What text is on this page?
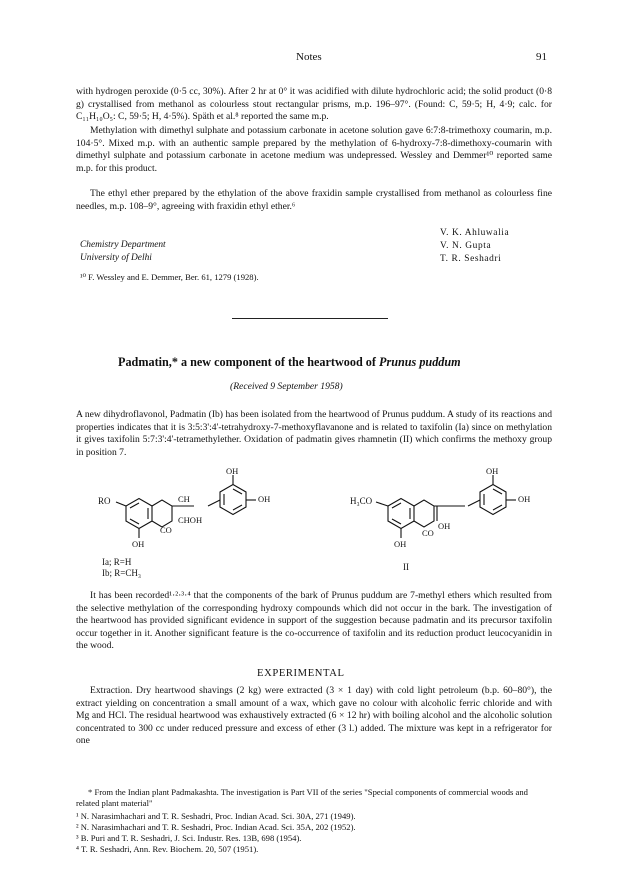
Notes	91

with hydrogen peroxide (0·5 cc, 30%). After 2 hr at 0° it was acidified with dilute hydrochloric acid; the solid product (0·8 g) crystallised from methanol as colourless stout rectangular prisms, m.p. 196–97°. (Found: C, 59·5; H, 4·9; calc. for C₁₁H₁₀O₅: C, 59·5; H, 4·5%). Späth et al.⁸ reported the same m.p.

Methylation with dimethyl sulphate and potassium carbonate in acetone solution gave 6:7:8-trimethoxy coumarin, m.p. 104·5°. Mixed m.p. with an authentic sample prepared by the methylation of 6-hydroxy-7:8-dimethoxy-coumarin with dimethyl sulphate and potassium carbonate in acetone medium was undepressed. Wessley and Demmer¹⁰ reported same m.p. for this product.

The ethyl ether prepared by the ethylation of the above fraxidin sample crystallised from methanol as colourless fine needles, m.p. 108–9°, agreeing with fraxidin ethyl ether.⁶

Chemistry Department
University of Delhi
V. K. Ahluwalia
V. N. Gupta
T. R. Seshadri

¹⁰ F. Wessley and E. Demmer, Ber. 61, 1279 (1928).

Padmatin,* a new component of the heartwood of Prunus puddum
(Received 9 September 1958)

A new dihydroflavonol, Padmatin (Ib) has been isolated from the heartwood of Prunus puddum. A study of its reactions and properties indicates that it is 3:5:3':4'-tetrahydroxy-7-methoxyflavanone and is related to taxifolin (Ia) since on methylation it gives taxifolin 5:7:3':4'-tetramethylether. Oxidation of padmatin gives rhamnetin (II) which confirms the methoxy group in position 7.

RO	CH
CHOH
CO
OH
OH
OH
Ia; R=H
Ib; R=CH₃
H₃CO
OH
CO
OH
OH
OH
II

It has been recorded¹·²·³·⁴ that the components of the bark of Prunus puddum are 7-methyl ethers which resulted from the selective methylation of the corresponding hydroxy compounds which did not occur in the bark. The investigation of the heartwood has provided significant evidence in support of the suggestion because padmatin and its precursor taxifolin occur together in it. Another significant feature is the co-occurrence of taxifolin and its reduction product leucocyanidin in the wood.

EXPERIMENTAL

Extraction. Dry heartwood shavings (2 kg) were extracted (3 × 1 day) with cold light petroleum (b.p. 60–80°), the extract yielding on concentration a small amount of a wax, which gave no colour with alcoholic ferric chloride and with Mg and HCl. The residual heartwood was exhaustively extracted (6 × 12 hr) with boiling alcohol and the alcoholic solution concentrated to 300 cc under reduced pressure and excess of ether (3 l.) added. The mixture was kept in a refrigerator for one

* From the Indian plant Padmakashta. The investigation is Part VII of the series "Special components of commercial woods and related plant material"

¹ N. Narasimhachari and T. R. Seshadri, Proc. Indian Acad. Sci. 30A, 271 (1949).

² N. Narasimhachari and T. R. Seshadri, Proc. Indian Acad. Sci. 35A, 202 (1952).

³ B. Puri and T. R. Seshadri, J. Sci. Industr. Res. 13B, 698 (1954).

⁴ T. R. Seshadri, Ann. Rev. Biochem. 20, 507 (1951).
